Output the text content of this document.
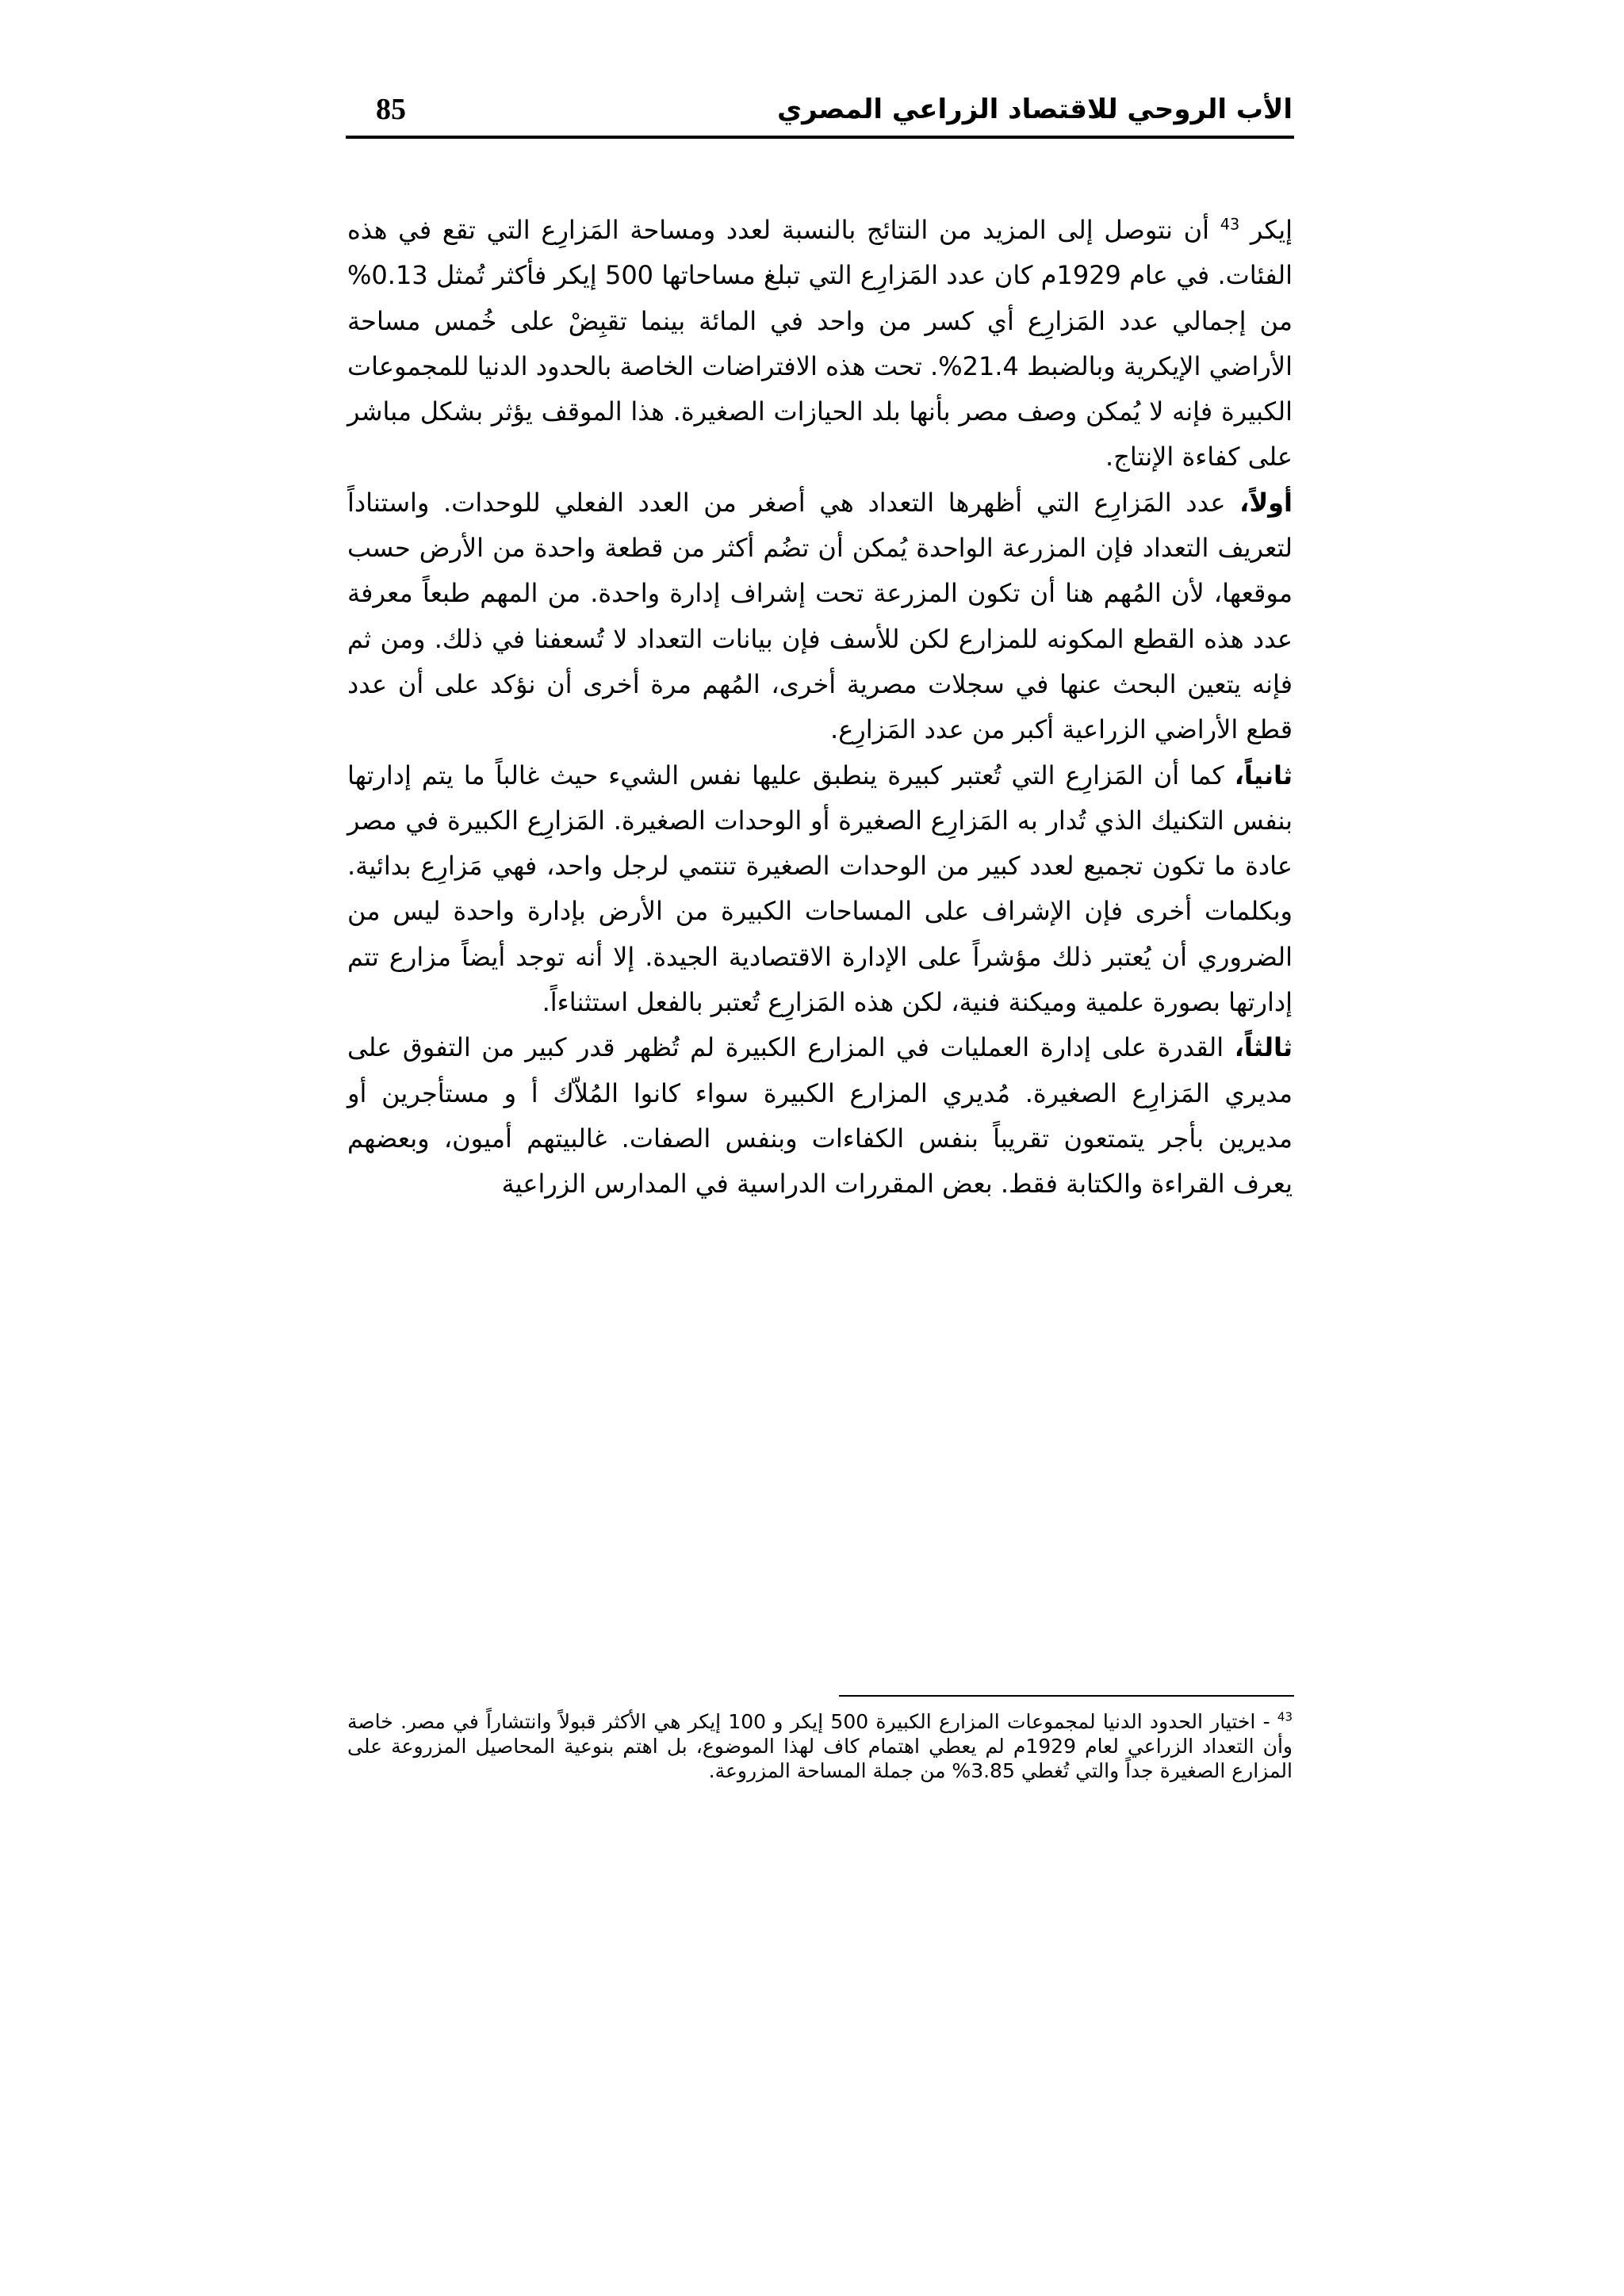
85	الأب الروحي للاقتصاد الزراعي المصري

إيكر $^{43}$ أن نتوصل إلى المزيد من النتائج بالنسبة لعدد ومساحة المَزارِع التي تقع في هذه الفئات. في عام 1929م كان عدد المَزارِع التي تبلغ مساحاتها 500 إيكر فأكثر تُمثل 0.13% من إجمالي عدد المَزارِع أي كسر من واحد في المائة بينما تقبِضْ على خُمس مساحة الأراضي الإيكرية وبالضبط 21.4%. تحت هذه الافتراضات الخاصة بالحدود الدنيا للمجموعات الكبيرة فإنه لا يُمكن وصف مصر بأنها بلد الحيازات الصغيرة. هذا الموقف يؤثر بشكل مباشر على كفاءة الإنتاج.

أولاً، عدد المَزارِع التي أظهرها التعداد هي أصغر من العدد الفعلي للوحدات. واستناداً لتعريف التعداد فإن المزرعة الواحدة يُمكن أن تضُم أكثر من قطعة واحدة من الأرض حسب موقعها، لأن المُهم هنا أن تكون المزرعة تحت إشراف إدارة واحدة. من المهم طبعاً معرفة عدد هذه القطع المكونه للمزارع لكن للأسف فإن بيانات التعداد لا تُسعفنا في ذلك. ومن ثم فإنه يتعين البحث عنها في سجلات مصرية أخرى، المُهم مرة أخرى أن نؤكد على أن عدد قطع الأراضي الزراعية أكبر من عدد المَزارِع.

ثانياً، كما أن المَزارِع التي تُعتبر كبيرة ينطبق عليها نفس الشيء حيث غالباً ما يتم إدارتها بنفس التكنيك الذي تُدار به المَزارِع الصغيرة أو الوحدات الصغيرة. المَزارِع الكبيرة في مصر عادة ما تكون تجميع لعدد كبير من الوحدات الصغيرة تنتمي لرجل واحد، فهي مَزارِع بدائية. وبكلمات أخرى فإن الإشراف على المساحات الكبيرة من الأرض بإدارة واحدة ليس من الضروري أن يُعتبر ذلك مؤشراً على الإدارة الاقتصادية الجيدة. إلا أنه توجد أيضاً مزارع تتم إدارتها بصورة علمية وميكنة فنية، لكن هذه المَزارِع تُعتبر بالفعل استثناءاً.

ثالثاً، القدرة على إدارة العمليات في المزارع الكبيرة لم تُظهر قدر كبير من التفوق على مديري المَزارِع الصغيرة. مُديري المزارع الكبيرة سواء كانوا المُلاّك أ و مستأجرين أو مديرين بأجر يتمتعون تقريباً بنفس الكفاءات وبنفس الصفات. غالبيتهم أميون، وبعضهم يعرف القراءة والكتابة فقط. بعض المقررات الدراسية في المدارس الزراعية

$^{43}$ - اختيار الحدود الدنيا لمجموعات المزارع الكبيرة 500 إيكر و 100 إيكر هي الأكثر قبولاً وانتشاراً في مصر. خاصة وأن التعداد الزراعي لعام 1929م لم يعطي اهتمام كاف لهذا الموضوع، بل اهتم بنوعية المحاصيل المزروعة على المزارع الصغيرة جداً والتي تُغطي 3.85% من جملة المساحة المزروعة.
